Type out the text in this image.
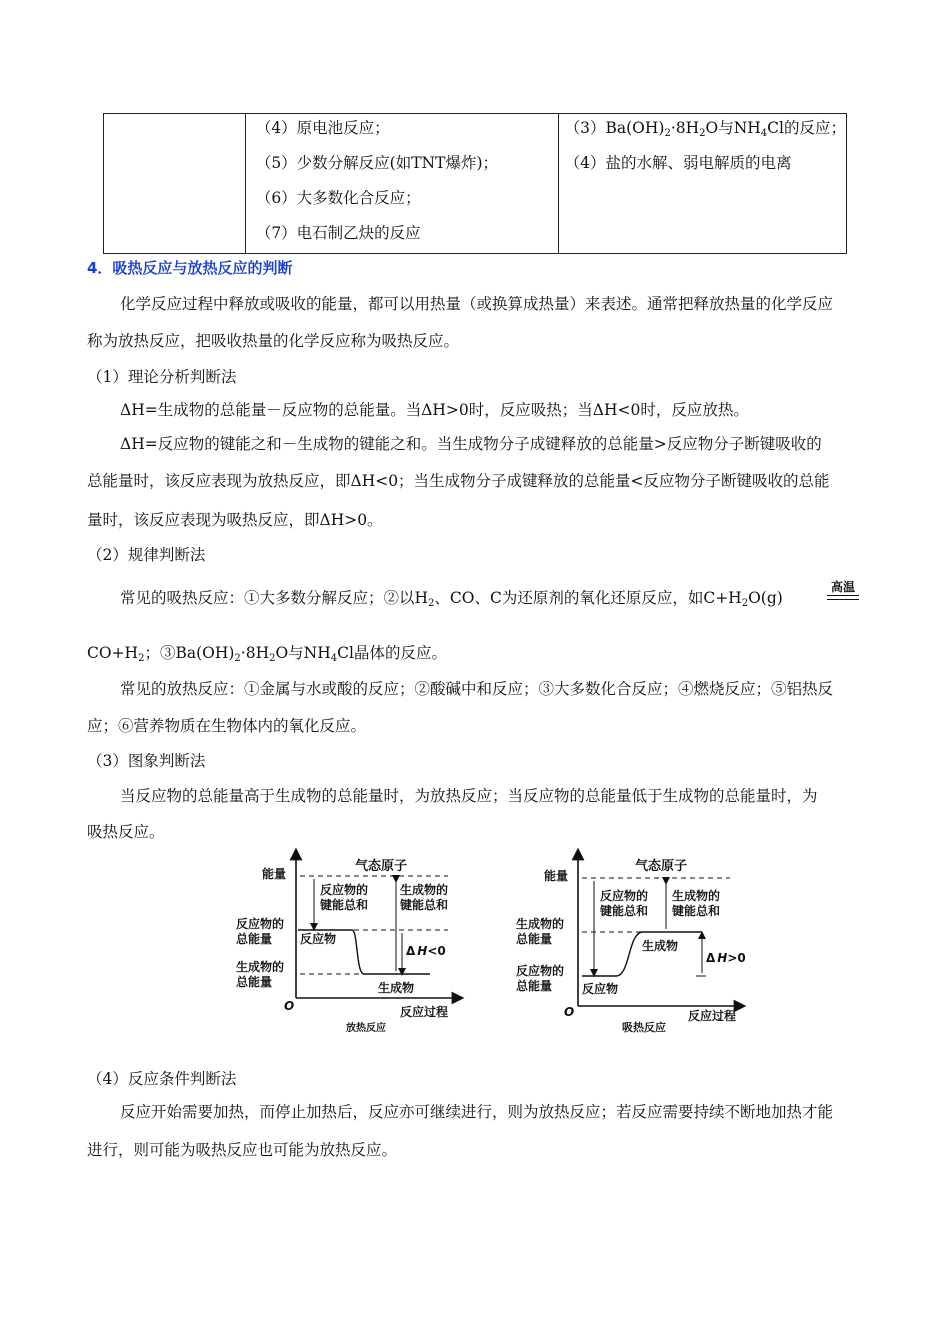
（4）原电池反应；
（5）少数分解反应(如TNT爆炸)；
（6）大多数化合反应；
（7）电石制乙炔的反应

$(3)Ba(OH)_2\cdot 8H_2O$与$NH_4Cl$的反应；
（4）盐的水解、弱电解质的电离
4．吸热反应与放热反应的判断
化学反应过程中释放或吸收的能量，都可以用热量（或换算成热量）来表述。通常把释放热量的化学反应
称为放热反应，把吸收热量的化学反应称为吸热反应。
（1）理论分析判断法
ΔH=生成物的总能量－反应物的总能量。当ΔH>0时，反应吸热；当ΔH<0时，反应放热。
ΔH=反应物的键能之和－生成物的键能之和。当生成物分子成键释放的总能量>反应物分子断键吸收的
总能量时，该反应表现为放热反应，即ΔH<0；当生成物分子成键释放的总能量<反应物分子断键吸收的总能
量时，该反应表现为吸热反应，即ΔH>0。
（2）规律判断法
常见的吸热反应：①大多数分解反应；②以$H_2$、CO、C为还原剂的氧化还原反应，如$C+H_2O(g)$
高温
$CO+H_2$；$③Ba(OH)_2\cdot 8H_2O$与$NH_4Cl$晶体的反应。
常见的放热反应：①金属与水或酸的反应；②酸碱中和反应；③大多数化合反应；④燃烧反应；⑤铝热反
应；⑥营养物质在生物体内的氧化反应。
（3）图象判断法
当反应物的总能量高于生成物的总能量时，为放热反应；当反应物的总能量低于生成物的总能量时，为
吸热反应。
能量	气态原子
反应物的
键能总和
生成物的
键能总和
反应物的
总能量
生成物的
总能量
反应物
生成物
Δ H<0
O	反应过程
放热反应
能量
气态原子
反应物的
键能总和
生成物的
键能总和
生成物的
总能量
反应物的
总能量 反应物
生成物
Δ H>0
O	反应过程
吸热反应
（4）反应条件判断法
反应开始需要加热，而停止加热后，反应亦可继续进行，则为放热反应；若反应需要持续不断地加热才能
进行，则可能为吸热反应也可能为放热反应。
